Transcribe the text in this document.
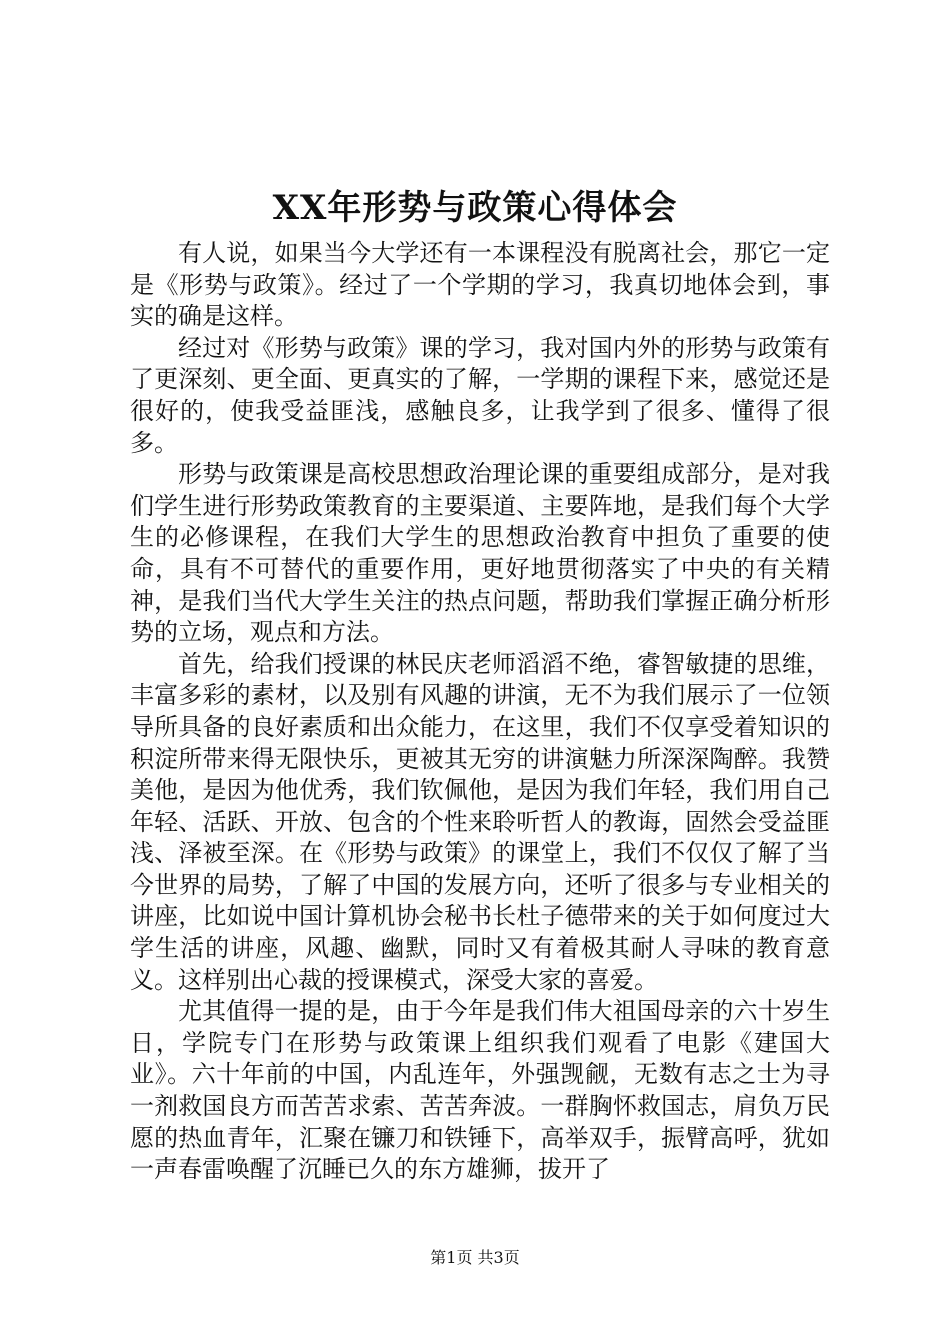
XX年形势与政策心得体会

有人说，如果当今大学还有一本课程没有脱离社会，那它一定是《形势与政策》。经过了一个学期的学习，我真切地体会到，事实的确是这样。

经过对《形势与政策》课的学习，我对国内外的形势与政策有了更深刻、更全面、更真实的了解，一学期的课程下来，感觉还是很好的，使我受益匪浅，感触良多，让我学到了很多、懂得了很多。

形势与政策课是高校思想政治理论课的重要组成部分，是对我们学生进行形势政策教育的主要渠道、主要阵地，是我们每个大学生的必修课程，在我们大学生的思想政治教育中担负了重要的使命，具有不可替代的重要作用，更好地贯彻落实了中央的有关精神，是我们当代大学生关注的热点问题，帮助我们掌握正确分析形势的立场，观点和方法。

首先，给我们授课的林民庆老师滔滔不绝，睿智敏捷的思维，丰富多彩的素材，以及别有风趣的讲演，无不为我们展示了一位领导所具备的良好素质和出众能力，在这里，我们不仅享受着知识的积淀所带来得无限快乐，更被其无穷的讲演魅力所深深陶醉。我赞美他，是因为他优秀，我们钦佩他，是因为我们年轻，我们用自己年轻、活跃、开放、包含的个性来聆听哲人的教诲，固然会受益匪浅、泽被至深。在《形势与政策》的课堂上，我们不仅仅了解了当今世界的局势，了解了中国的发展方向，还听了很多与专业相关的讲座，比如说中国计算机协会秘书长杜子德带来的关于如何度过大学生活的讲座，风趣、幽默，同时又有着极其耐人寻味的教育意义。这样别出心裁的授课模式，深受大家的喜爱。

尤其值得一提的是，由于今年是我们伟大祖国母亲的六十岁生日，学院专门在形势与政策课上组织我们观看了电影《建国大业》。六十年前的中国，内乱连年，外强觊觎，无数有志之士为寻一剂救国良方而苦苦求索、苦苦奔波。一群胸怀救国志，肩负万民愿的热血青年，汇聚在镰刀和铁锤下，高举双手，振臂高呼，犹如一声春雷唤醒了沉睡已久的东方雄狮，拔开了

第1页 共3页
